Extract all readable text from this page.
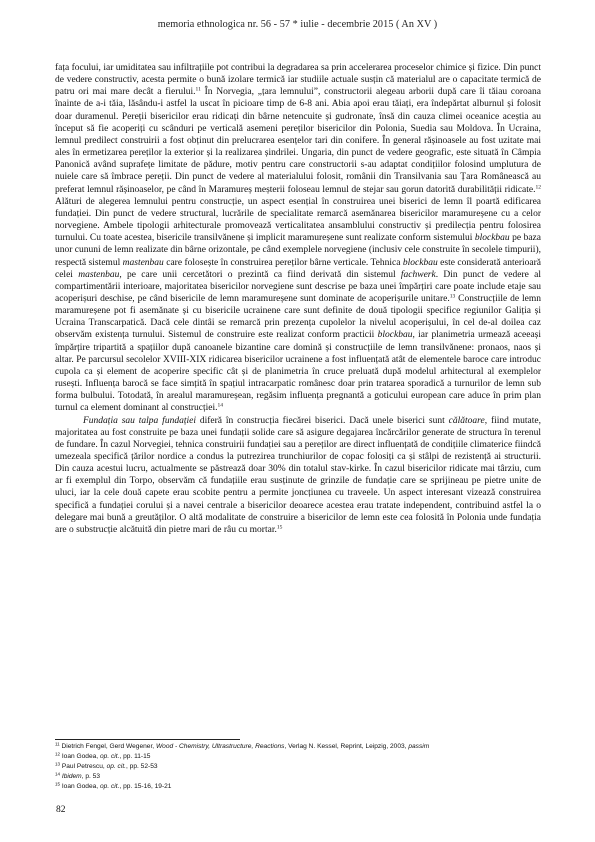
memoria ethnologica nr. 56 - 57 * iulie - decembrie 2015 ( An XV )

fața focului, iar umiditatea sau infiltrațiile pot contribui la degradarea sa prin accelerarea proceselor chimice și fizice. Din punct de vedere constructiv, acesta permite o bună izolare termică iar studiile actuale susțin că materialul are o capacitate termică de patru ori mai mare decât a fierului.$^{11}$ În Norvegia, „țara lemnului”, constructorii alegeau arborii după care îi tăiau coroana înainte de a-i tăia, lăsându-i astfel la uscat în picioare timp de 6-8 ani. Abia apoi erau tăiați, era îndepărtat alburnul și folosit doar duramenul. Pereții bisericilor erau ridicați din bârne netencuite și gudronate, însă din cauza climei oceanice aceștia au început să fie acoperiți cu scânduri pe verticală asemeni pereților bisericilor din Polonia, Suedia sau Moldova. În Ucraina, lemnul predilect construirii a fost obținut din prelucrarea esențelor tari din conifere. În general rășinoasele au fost uzitate mai ales în ermetizarea pereților la exterior și la realizarea șindrilei. Ungaria, din punct de vedere geografic, este situată în Câmpia Panonică având suprafețe limitate de pădure, motiv pentru care constructorii s-au adaptat condițiilor folosind umplutura de nuiele care să îmbrace pereții. Din punct de vedere al materialului folosit, românii din Transilvania sau Țara Românească au preferat lemnul rășinoaselor, pe când în Maramureș meșterii foloseau lemnul de stejar sau gorun datorită durabilității ridicate.$^{12}$ Alături de alegerea lemnului pentru construcție, un aspect esențial în construirea unei biserici de lemn îl poartă edificarea fundației. Din punct de vedere structural, lucrările de specialitate remarcă asemănarea bisericilor maramureșene cu a celor norvegiene. Ambele tipologii arhitecturale promovează verticalitatea ansamblului constructiv și predilecția pentru folosirea turnului. Cu toate acestea, bisericile transilvănene și implicit maramureșene sunt realizate conform sistemului blockbau pe baza unor cununi de lemn realizate din bârne orizontale, pe când exemplele norvegiene (inclusiv cele construite în secolele timpurii), respectă sistemul mastenbau care folosește în construirea pereților bârne verticale. Tehnica blockbau este considerată anterioară celei mastenbau, pe care unii cercetători o prezintă ca fiind derivată din sistemul fachwerk. Din punct de vedere al compartimentării interioare, majoritatea bisericilor norvegiene sunt descrise pe baza unei împărțiri care poate include etaje sau acoperișuri deschise, pe când bisericile de lemn maramureșene sunt dominate de acoperișurile unitare.$^{13}$ Construcțiile de lemn maramureșene pot fi asemănate și cu bisericile ucrainene care sunt definite de două tipologii specifice regiunilor Galiția și Ucraina Transcarpatică. Dacă cele dintâi se remarcă prin prezența cupolelor la nivelul acoperișului, în cel de-al doilea caz observăm existența turnului. Sistemul de construire este realizat conform practicii blockbau, iar planimetria urmează aceeași împărțire tripartită a spațiilor după canoanele bizantine care domină și construcțiile de lemn transilvănene: pronaos, naos și altar. Pe parcursul secolelor XVIII-XIX ridicarea bisericilor ucrainene a fost influențată atât de elementele baroce care introduc cupola ca și element de acoperire specific cât și de planimetria în cruce preluată după modelul arhitectural al exemplelor rusești. Influența barocă se face simțită în spațiul intracarpatic românesc doar prin tratarea sporadică a turnurilor de lemn sub forma bulbului. Totodată, în arealul maramureșean, regăsim influența pregnantă a goticului european care aduce în prim plan turnul ca element dominant al construcției.$^{14}$

Fundația sau talpa fundației diferă în construcția fiecărei biserici. Dacă unele biserici sunt călătoare, fiind mutate, majoritatea au fost construite pe baza unei fundații solide care să asigure degajarea încărcărilor generate de structura în terenul de fundare. În cazul Norvegiei, tehnica construirii fundației sau a pereților are direct influențată de condițiile climaterice fiindcă umezeala specifică țărilor nordice a condus la putrezirea trunchiurilor de copac folosiți ca și stâlpi de rezistență ai structurii. Din cauza acestui lucru, actualmente se păstrează doar 30% din totalul stav-kirke. În cazul bisericilor ridicate mai târziu, cum ar fi exemplul din Torpo, observăm că fundațiile erau susținute de grinzile de fundație care se sprijineau pe pietre unite de uluci, iar la cele două capete erau scobite pentru a permite joncțiunea cu traveele. Un aspect interesant vizează construirea specifică a fundației corului și a navei centrale a bisericilor deoarece acestea erau tratate independent, contribuind astfel la o delegare mai bună a greutăților. O altă modalitate de construire a bisericilor de lemn este cea folosită în Polonia unde fundația are o substrucție alcătuită din pietre mari de râu cu mortar.$^{15}$

$^{11}$ Dietrich Fengel, Gerd Wegener, Wood - Chemistry, Ultrastructure, Reactions, Verlag N. Kessel, Reprint, Leipzig, 2003, passim
$^{12}$ Ioan Godea, op. cit., pp. 11-15
$^{13}$ Paul Petrescu, op. cit., pp. 52-53
$^{14}$ Ibidem, p. 53
$^{15}$ Ioan Godea, op. cit., pp. 15-16, 19-21
82
